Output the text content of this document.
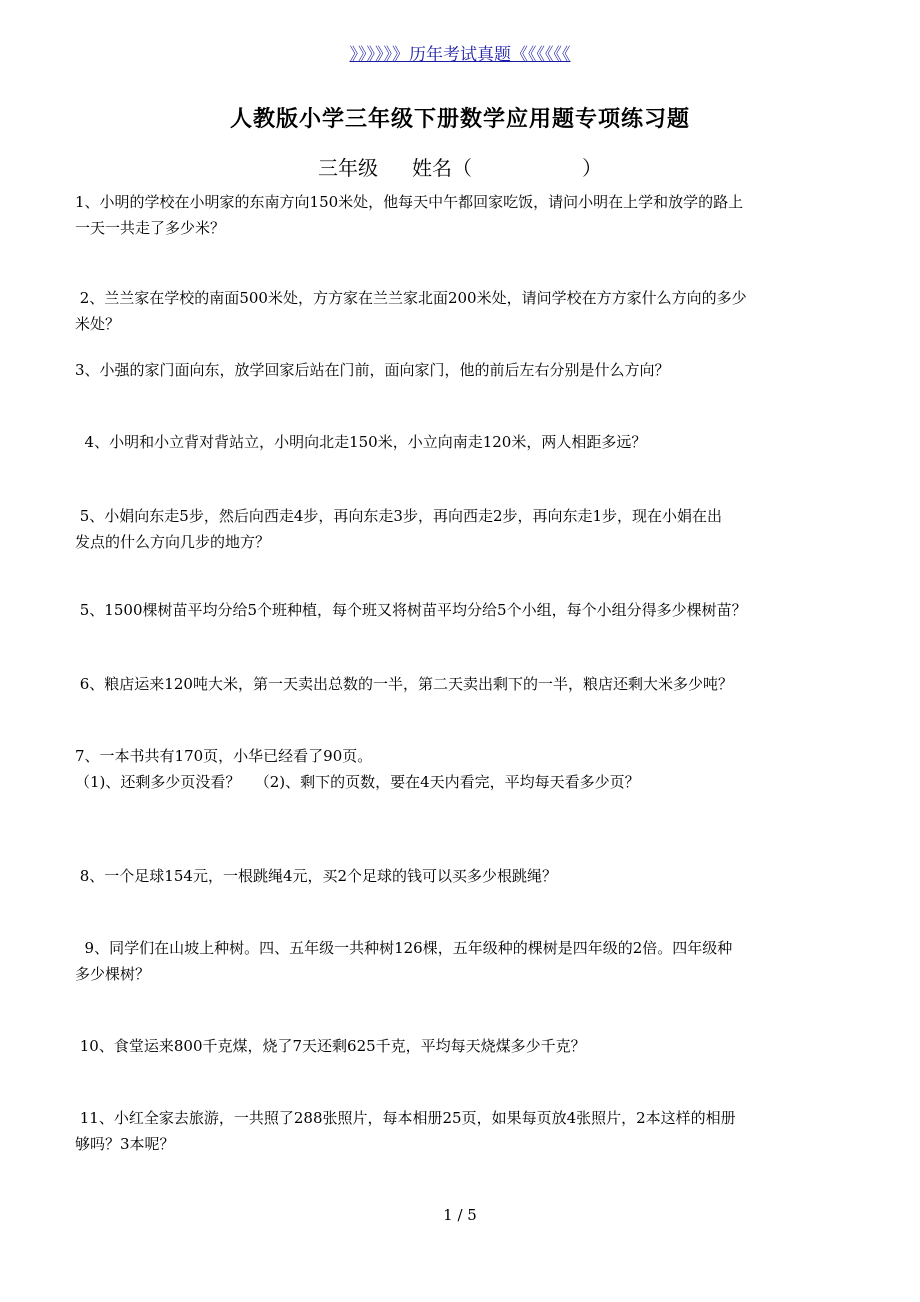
》》》》》》历年考试真题《《《《《《
人教版小学三年级下册数学应用题专项练习题
三年级 姓名（	）
1、小明的学校在小明家的东南方向150米处，他每天中午都回家吃饭，请问小明在上学和放学的路上
一天一共走了多少米？
2、兰兰家在学校的南面500米处，方方家在兰兰家北面200米处，请问学校在方方家什么方向的多少
米处？
3、小强的家门面向东，放学回家后站在门前，面向家门，他的前后左右分别是什么方向？
4、小明和小立背对背站立，小明向北走150米，小立向南走120米，两人相距多远？
5、小娟向东走5步，然后向西走4步，再向东走3步，再向西走2步，再向东走1步，现在小娟在出
发点的什么方向几步的地方？
5、1500棵树苗平均分给5个班种植，每个班又将树苗平均分给5个小组，每个小组分得多少棵树苗？
6、粮店运来120吨大米，第一天卖出总数的一半，第二天卖出剩下的一半，粮店还剩大米多少吨？
7、一本书共有170页，小华已经看了90页。
（1)、还剩多少页没看？   （2)、剩下的页数，要在4天内看完，平均每天看多少页？
8、一个足球154元，一根跳绳4元，买2个足球的钱可以买多少根跳绳？
9、同学们在山坡上种树。四、五年级一共种树126棵，五年级种的棵树是四年级的2倍。四年级种
多少棵树？
10、食堂运来800千克煤，烧了7天还剩625千克，平均每天烧煤多少千克？
11、小红全家去旅游，一共照了288张照片，每本相册25页，如果每页放4张照片，2本这样的相册
够吗？3本呢？
1 / 5
